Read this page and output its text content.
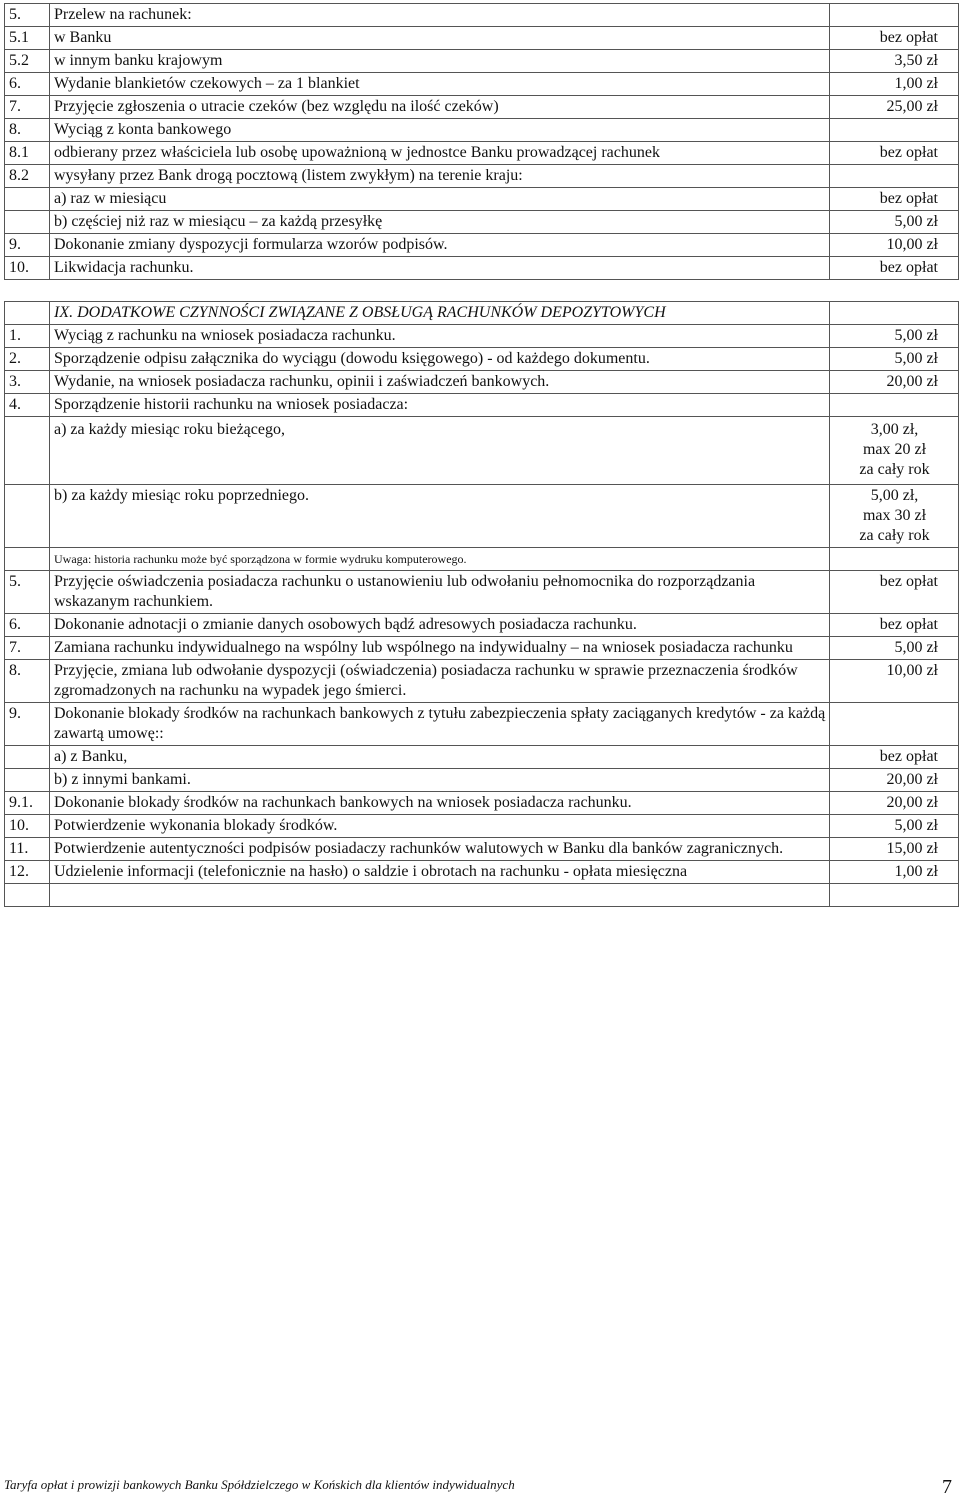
5.	Przelew na rachunek:	
5.1	w Banku	bez opłat
5.2	w innym banku krajowym	3,50 zł
6.	Wydanie blankietów czekowych – za 1 blankiet	1,00 zł
7.	Przyjęcie zgłoszenia o utracie czeków (bez względu na ilość czeków)	25,00 zł
8.	Wyciąg z konta bankowego	
8.1	odbierany przez właściciela lub osobę upoważnioną w jednostce Banku prowadzącej rachunek	bez opłat
8.2	wysyłany przez Bank drogą pocztową (listem zwykłym) na terenie kraju:	
	a) raz w miesiącu	bez opłat
	b) częściej niż raz w miesiącu – za każdą przesyłkę	5,00 zł
9.	Dokonanie zmiany dyspozycji formularza wzorów podpisów.	10,00 zł
10.	Likwidacja rachunku.	bez opłat
	IX. DODATKOWE CZYNNOŚCI ZWIĄZANE Z OBSŁUGĄ RACHUNKÓW DEPOZYTOWYCH	
1.	Wyciąg z rachunku na wniosek posiadacza rachunku.	5,00 zł
2.	Sporządzenie odpisu załącznika do wyciągu (dowodu księgowego) - od każdego dokumentu.	5,00 zł
3.	Wydanie, na wniosek posiadacza rachunku, opinii i zaświadczeń bankowych.	20,00 zł
4.	Sporządzenie historii rachunku na wniosek posiadacza:	
	a) za każdy miesiąc roku bieżącego,	3,00 zł,
max 20 zł
za cały rok

	b) za każdy miesiąc roku poprzedniego.	5,00 zł,
max 30 zł
za cały rok

	Uwaga: historia rachunku może być sporządzona w formie wydruku komputerowego.	
5.	Przyjęcie oświadczenia posiadacza rachunku o ustanowieniu lub odwołaniu pełnomocnika do rozporządzania wskazanym rachunkiem.	bez opłat
6.	Dokonanie adnotacji o zmianie danych osobowych bądź adresowych posiadacza rachunku.	bez opłat
7.	Zamiana rachunku indywidualnego na wspólny lub wspólnego na indywidualny – na wniosek posiadacza rachunku	5,00 zł
8.	Przyjęcie, zmiana lub odwołanie dyspozycji (oświadczenia) posiadacza rachunku w sprawie przeznaczenia środków zgromadzonych na rachunku na wypadek jego śmierci.	10,00 zł
9.	Dokonanie blokady środków na rachunkach bankowych z tytułu zabezpieczenia spłaty zaciąganych kredytów - za każdą zawartą umowę::	
	a) z Banku,	bez opłat
	b) z innymi bankami.	20,00 zł
9.1.	Dokonanie blokady środków na rachunkach bankowych na wniosek posiadacza rachunku.	20,00 zł
10.	Potwierdzenie wykonania blokady środków.	5,00 zł
11.	Potwierdzenie autentyczności podpisów posiadaczy rachunków walutowych w Banku dla banków zagranicznych.	15,00 zł
12.	Udzielenie informacji (telefonicznie na hasło) o saldzie i obrotach na rachunku - opłata miesięczna	1,00 zł

Taryfa opłat i prowizji bankowych Banku Spółdzielczego w Końskich dla klientów indywidualnych	7
